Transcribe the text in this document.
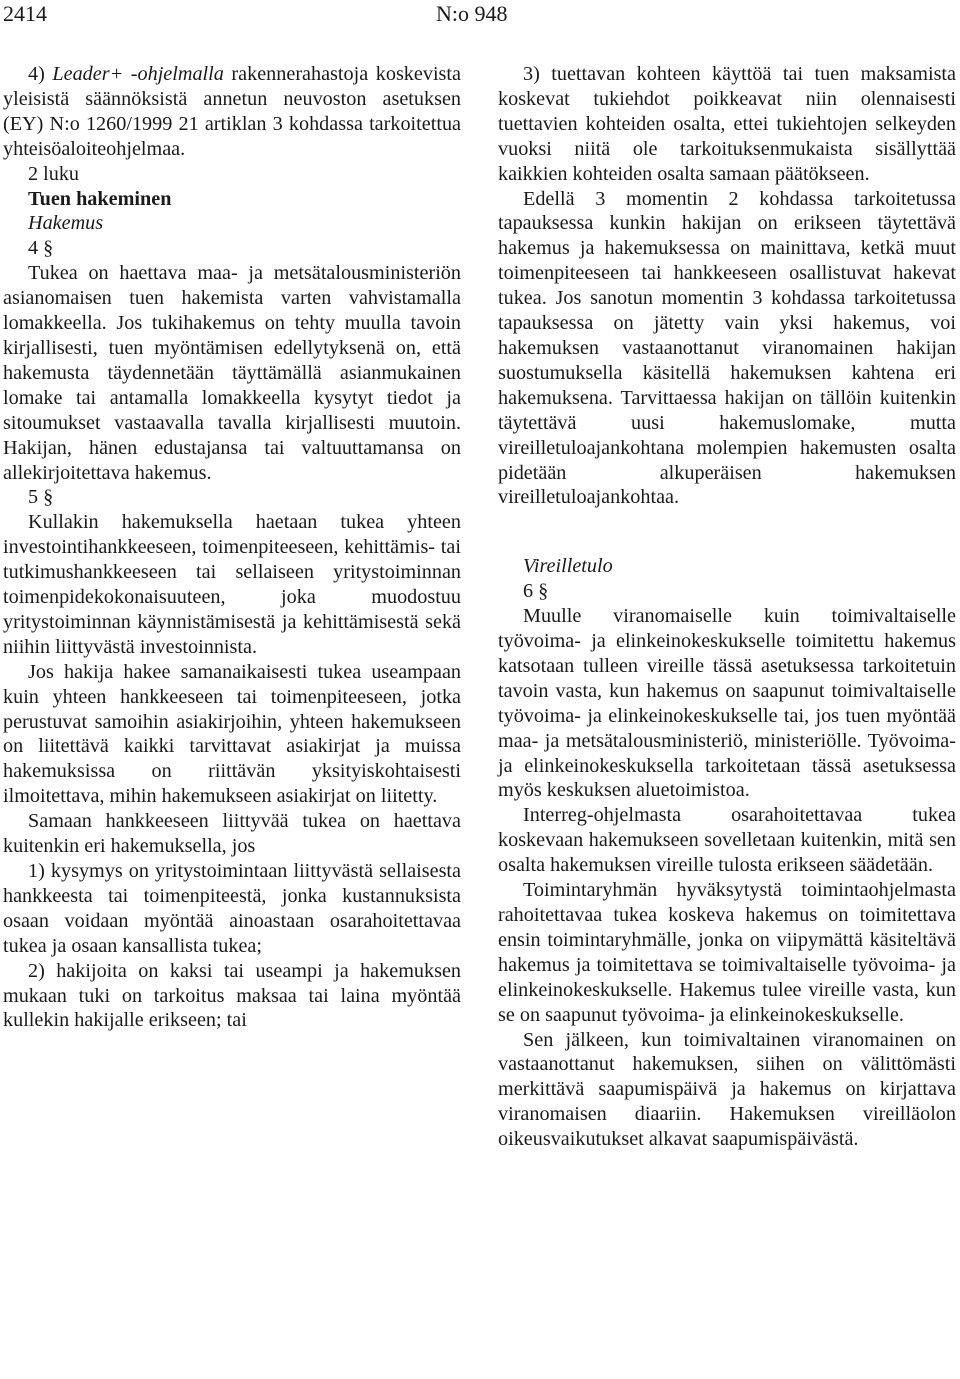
2414	N:o 948

4) Leader+ -ohjelmalla rakennerahastoja koskevista yleisistä säännöksistä annetun neuvoston asetuksen (EY) N:o 1260/1999 21 artiklan 3 kohdassa tarkoitettua yhteisöaloiteohjelmaa.

2 luku

Tuen hakeminen

Hakemus

4 §

Tukea on haettava maa- ja metsätalousministeriön asianomaisen tuen hakemista varten vahvistamalla lomakkeella. Jos tukihakemus on tehty muulla tavoin kirjallisesti, tuen myöntämisen edellytyksenä on, että hakemusta täydennetään täyttämällä asianmukainen lomake tai antamalla lomakkeella kysytyt tiedot ja sitoumukset vastaavalla tavalla kirjallisesti muutoin. Hakijan, hänen edustajansa tai valtuuttamansa on allekirjoitettava hakemus.

5 §

Kullakin hakemuksella haetaan tukea yhteen investointihankkeeseen, toimenpiteeseen, kehittämis- tai tutkimushankkeeseen tai sellaiseen yritystoiminnan toimenpidekokonaisuuteen, joka muodostuu yritystoiminnan käynnistämisestä ja kehittämisestä sekä niihin liittyvästä investoinnista.

Jos hakija hakee samanaikaisesti tukea useampaan kuin yhteen hankkeeseen tai toimenpiteeseen, jotka perustuvat samoihin asiakirjoihin, yhteen hakemukseen on liitettävä kaikki tarvittavat asiakirjat ja muissa hakemuksissa on riittävän yksityiskohtaisesti ilmoitettava, mihin hakemukseen asiakirjat on liitetty.

Samaan hankkeeseen liittyvää tukea on haettava kuitenkin eri hakemuksella, jos

1) kysymys on yritystoimintaan liittyvästä sellaisesta hankkeesta tai toimenpiteestä, jonka kustannuksista osaan voidaan myöntää ainoastaan osarahoitettavaa tukea ja osaan kansallista tukea;

2) hakijoita on kaksi tai useampi ja hakemuksen mukaan tuki on tarkoitus maksaa tai laina myöntää kullekin hakijalle erikseen; tai

3) tuettavan kohteen käyttöä tai tuen maksamista koskevat tukiehdot poikkeavat niin olennaisesti tuettavien kohteiden osalta, ettei tukiehtojen selkeyden vuoksi niitä ole tarkoituksenmukaista sisällyttää kaikkien kohteiden osalta samaan päätökseen.

Edellä 3 momentin 2 kohdassa tarkoitetussa tapauksessa kunkin hakijan on erikseen täytettävä hakemus ja hakemuksessa on mainittava, ketkä muut toimenpiteeseen tai hankkeeseen osallistuvat hakevat tukea. Jos sanotun momentin 3 kohdassa tarkoitetussa tapauksessa on jätetty vain yksi hakemus, voi hakemuksen vastaanottanut viranomainen hakijan suostumuksella käsitellä hakemuksen kahtena eri hakemuksena. Tarvittaessa hakijan on tällöin kuitenkin täytettävä uusi hakemuslomake, mutta vireilletuloajankohtana molempien hakemusten osalta pidetään alkuperäisen hakemuksen vireilletuloajankohtaa.

Vireilletulo

6 §

Muulle viranomaiselle kuin toimivaltaiselle työvoima- ja elinkeinokeskukselle toimitettu hakemus katsotaan tulleen vireille tässä asetuksessa tarkoitetuin tavoin vasta, kun hakemus on saapunut toimivaltaiselle työvoima- ja elinkeinokeskukselle tai, jos tuen myöntää maa- ja metsätalousministeriö, ministeriölle. Työvoima- ja elinkeinokeskuksella tarkoitetaan tässä asetuksessa myös keskuksen aluetoimistoa.

Interreg-ohjelmasta osarahoitettavaa tukea koskevaan hakemukseen sovelletaan kuitenkin, mitä sen osalta hakemuksen vireille tulosta erikseen säädetään.

Toimintaryhmän hyväksytystä toimintaohjelmasta rahoitettavaa tukea koskeva hakemus on toimitettava ensin toimintaryhmälle, jonka on viipymättä käsiteltävä hakemus ja toimitettava se toimivaltaiselle työvoima- ja elinkeinokeskukselle. Hakemus tulee vireille vasta, kun se on saapunut työvoima- ja elinkeinokeskukselle.

Sen jälkeen, kun toimivaltainen viranomainen on vastaanottanut hakemuksen, siihen on välittömästi merkittävä saapumispäivä ja hakemus on kirjattava viranomaisen diaariin. Hakemuksen vireilläolon oikeusvaikutukset alkavat saapumispäivästä.
